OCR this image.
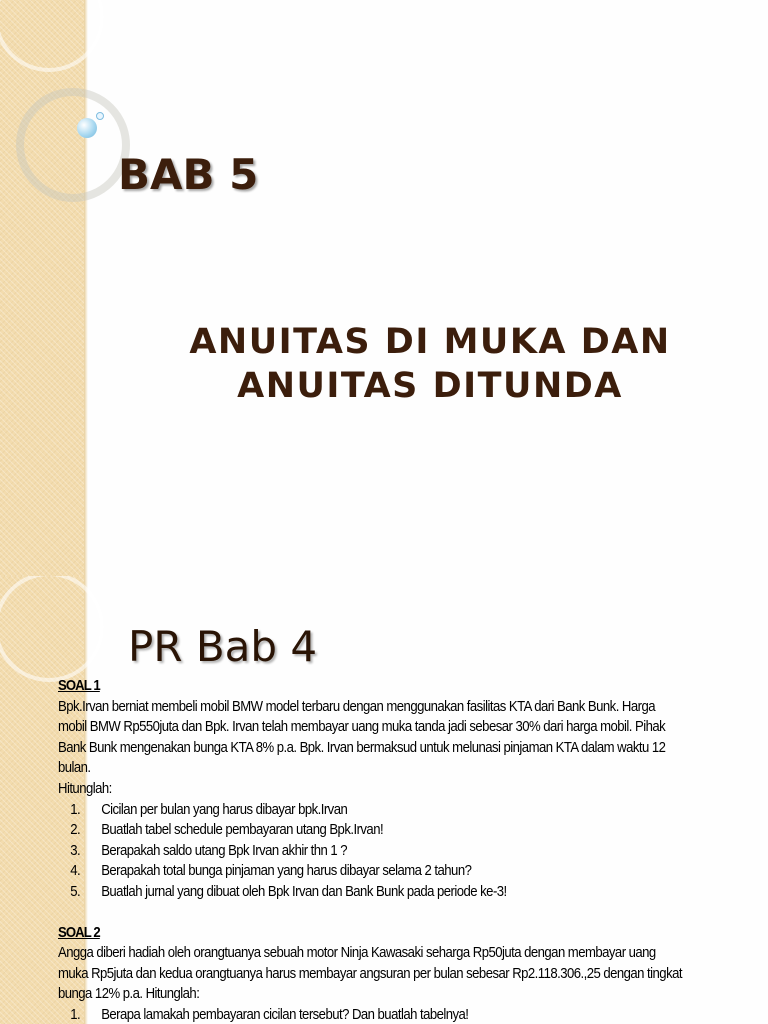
BAB 5
ANUITAS DI MUKA DAN
ANUITAS DITUNDA
PR Bab 4

SOAL 1

Bpk.Irvan berniat membeli mobil BMW model terbaru dengan menggunakan fasilitas KTA dari Bank Bunk. Harga

mobil BMW Rp550juta dan Bpk. Irvan telah membayar uang muka tanda jadi sebesar 30% dari harga mobil. Pihak

Bank Bunk mengenakan bunga KTA 8% p.a. Bpk. Irvan bermaksud untuk melunasi pinjaman KTA dalam waktu 12

bulan.

Hitunglah:

1. Cicilan per bulan yang harus dibayar bpk.Irvan
2. Buatlah tabel schedule pembayaran utang Bpk.Irvan!
3. Berapakah saldo utang Bpk Irvan akhir thn 1 ?
4. Berapakah total bunga pinjaman yang harus dibayar selama 2 tahun?
5. Buatlah jurnal yang dibuat oleh Bpk Irvan dan Bank Bunk pada periode ke-3!

SOAL 2

Angga diberi hadiah oleh orangtuanya sebuah motor Ninja Kawasaki seharga Rp50juta dengan membayar uang

muka Rp5juta dan kedua orangtuanya harus membayar angsuran per bulan sebesar Rp2.118.306.,25 dengan tingkat

bunga 12% p.a. Hitunglah:

1. Berapa lamakah pembayaran cicilan tersebut? Dan buatlah tabelnya!
